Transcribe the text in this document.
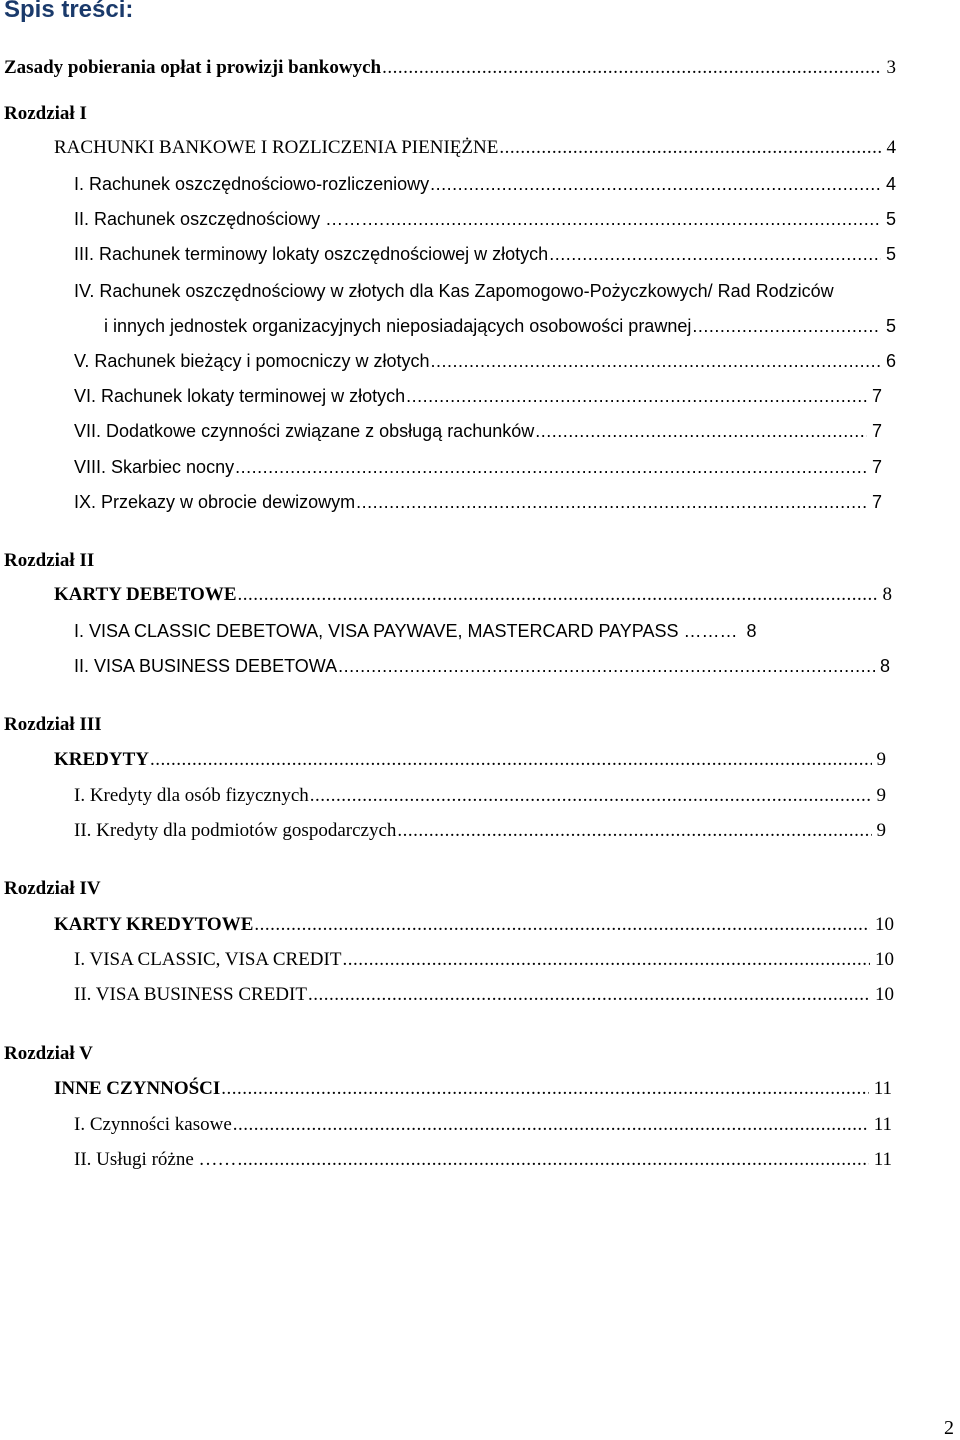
Spis treści:
Zasady pobierania opłat i prowizji bankowych .....	3
Rozdział I
RACHUNKI BANKOWE I ROZLICZENIA PIENIĘŻNE .....	4
I. Rachunek oszczędnościowo-rozliczeniowy .....	4
II. Rachunek oszczędnościowy ………. .....	5
III. Rachunek terminowy lokaty oszczędnościowej w złotych .....	5
IV. Rachunek oszczędnościowy w złotych dla Kas Zapomogowo-Pożyczkowych/ Rad Rodziców
i innych jednostek organizacyjnych nieposiadających osobowości prawnej .....	5
V. Rachunek bieżący i pomocniczy w złotych .....	6
VI. Rachunek lokaty terminowej w złotych .....	7
VII. Dodatkowe czynności związane z obsługą rachunków .....	7
VIII. Skarbiec nocny .....	7
IX. Przekazy w obrocie dewizowym .....	7
Rozdział II
KARTY DEBETOWE .....	8
I. VISA CLASSIC DEBETOWA, VISA PAYWAVE, MASTERCARD PAYPASS ……… 8
II. VISA BUSINESS DEBETOWA .....	8
Rozdział III
KREDYTY .....	9
I. Kredyty dla osób fizycznych .....	9
II. Kredyty dla podmiotów gospodarczych .....	9
Rozdział IV
KARTY KREDYTOWE .....	10
I. VISA CLASSIC, VISA CREDIT .....	10
II. VISA BUSINESS CREDIT .....	10
Rozdział V
INNE CZYNNOŚCI .....	11
I. Czynności kasowe .....	11
II. Usługi różne …… .....	11
2
